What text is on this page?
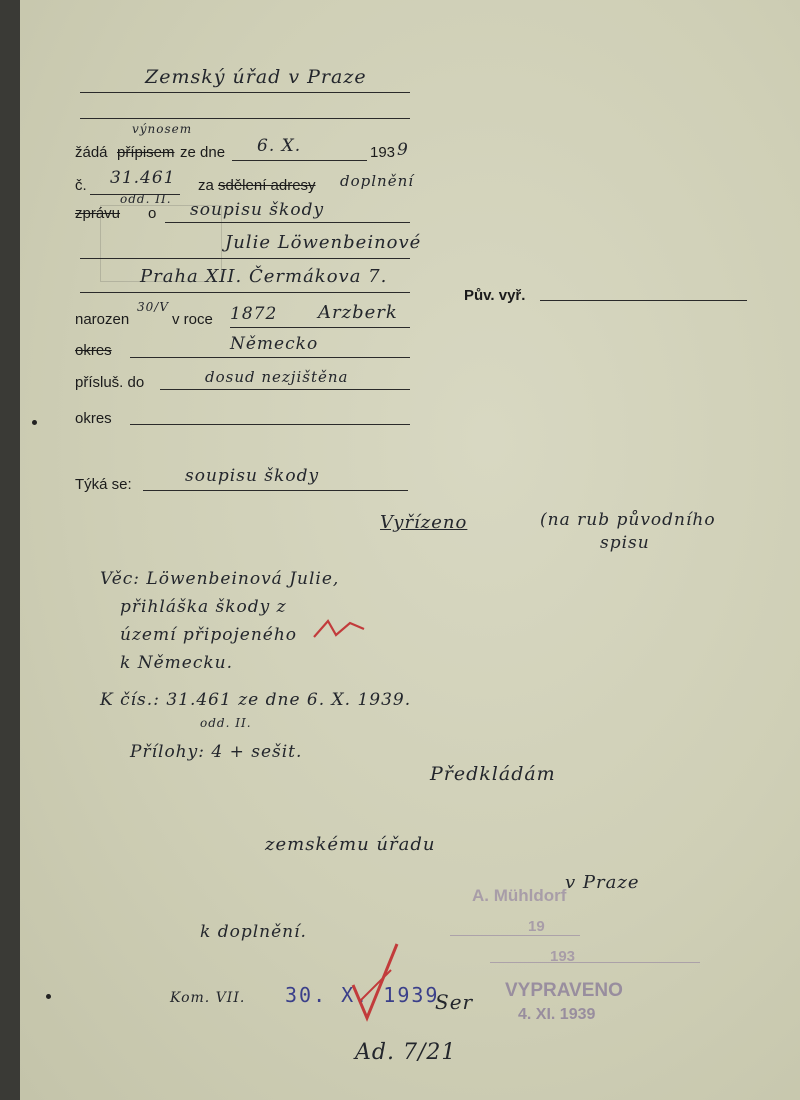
Zemský úřad v Praze
výnosem
žádá přípisem ze dne 6. X.	193 9
č. 31.461
odd. II.
za sdělení adresy doplnění
zprávu o soupisu škody
Julie Löwenbeinové
Praha XII. Čermákova 7.
Pův. vyř.
narozen
30/V
v roce 1872 Arzberk
okres	Německo
přísluš. do	dosud nezjištěna
okres
Týká se:	soupisu škody
Vyřízeno	(na rub původního
spisu
Věc: Löwenbeinová Julie,
přihláška škody z
území připojeného
k Německu.
K čís.: 31.461 ze dne 6. X. 1939.
odd. II.
Přílohy: 4 + sešit.
Předkládám
zemskému úřadu
v Praze
A. Mühldorf
19
193
k doplnění.
Kom. VII. 30. X. 1939
Ser VYPRAVENO
4. XI. 1939
Ad. 7/21
